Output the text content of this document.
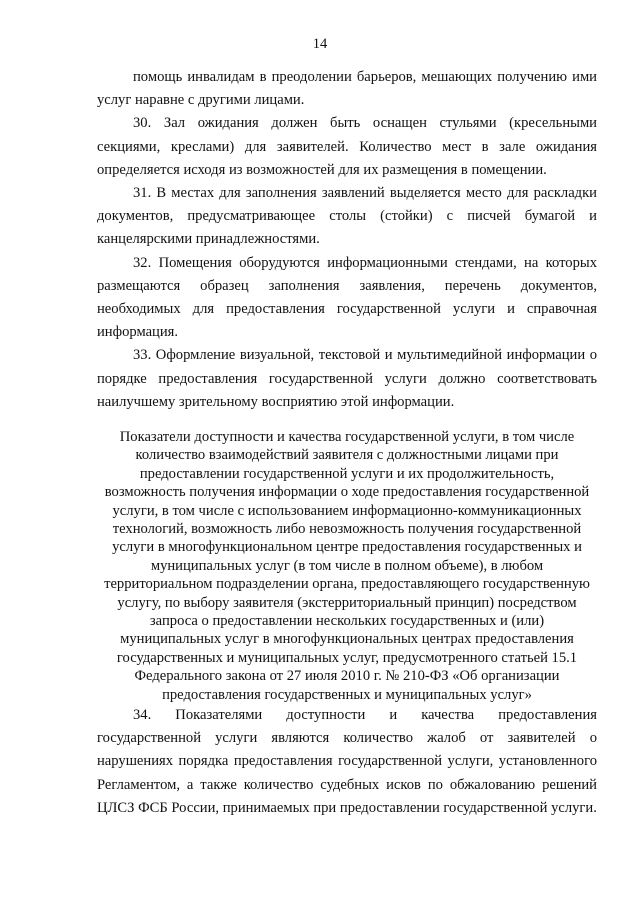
14

помощь инвалидам в преодолении барьеров, мешающих получению ими услуг наравне с другими лицами.

30. Зал ожидания должен быть оснащен стульями (кресельными секциями, креслами) для заявителей. Количество мест в зале ожидания определяется исходя из возможностей для их размещения в помещении.

31. В местах для заполнения заявлений выделяется место для раскладки документов, предусматривающее столы (стойки) с писчей бумагой и канцелярскими принадлежностями.

32. Помещения оборудуются информационными стендами, на которых размещаются образец заполнения заявления, перечень документов, необходимых для предоставления государственной услуги и справочная информация.

33. Оформление визуальной, текстовой и мультимедийной информации о порядке предоставления государственной услуги должно соответствовать наилучшему зрительному восприятию этой информации.

Показатели доступности и качества государственной услуги, в том числе
количество взаимодействий заявителя с должностными лицами при
предоставлении государственной услуги и их продолжительность,
возможность получения информации о ходе предоставления государственной
услуги, в том числе с использованием информационно-коммуникационных
технологий, возможность либо невозможность получения государственной
услуги в многофункциональном центре предоставления государственных и
муниципальных услуг (в том числе в полном объеме), в любом
территориальном подразделении органа, предоставляющего государственную
услугу, по выбору заявителя (экстерриториальный принцип) посредством
запроса о предоставлении нескольких государственных и (или)
муниципальных услуг в многофункциональных центрах предоставления
государственных и муниципальных услуг, предусмотренного статьей 15.1
Федерального закона от 27 июля 2010 г. № 210-ФЗ «Об организации
предоставления государственных и муниципальных услуг»

34. Показателями доступности и качества предоставления государственной услуги являются количество жалоб от заявителей о нарушениях порядка предоставления государственной услуги, установленного Регламентом, а также количество судебных исков по обжалованию решений ЦЛСЗ ФСБ России, принимаемых при предоставлении государственной услуги.
